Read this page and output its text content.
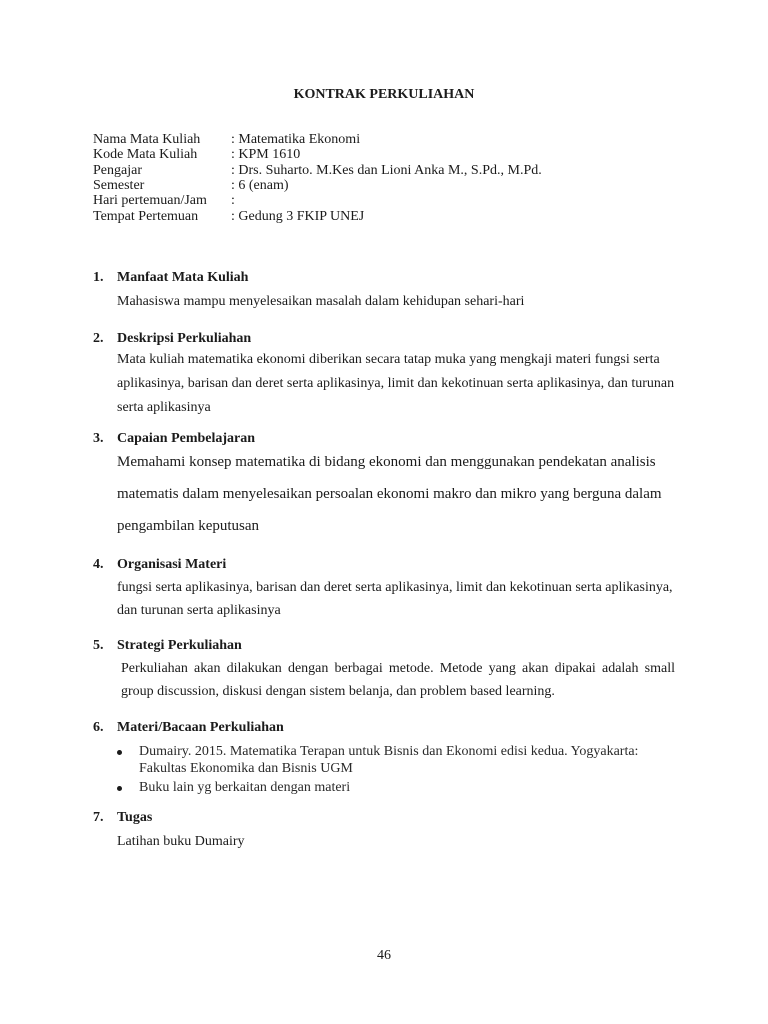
KONTRAK PERKULIAHAN
Nama Mata Kuliah : Matematika Ekonomi
Kode Mata Kuliah : KPM 1610
Pengajar	: Drs. Suharto. M.Kes dan Lioni Anka M., S.Pd., M.Pd.
Semester	: 6 (enam)
Hari pertemuan/Jam :
Tempat Pertemuan : Gedung 3 FKIP UNEJ
1. Manfaat Mata Kuliah
Mahasiswa mampu menyelesaikan masalah dalam kehidupan sehari-hari
2. Deskripsi Perkuliahan
Mata kuliah matematika ekonomi diberikan secara tatap muka yang mengkaji materi fungsi serta
aplikasinya, barisan dan deret serta aplikasinya, limit dan kekotinuan serta aplikasinya, dan turunan
serta aplikasinya
3. Capaian Pembelajaran
Memahami konsep matematika di bidang ekonomi dan menggunakan pendekatan analisis
matematis dalam menyelesaikan persoalan ekonomi makro dan mikro yang berguna dalam
pengambilan keputusan
4. Organisasi Materi
fungsi serta aplikasinya, barisan dan deret serta aplikasinya, limit dan kekotinuan serta aplikasinya,
dan turunan serta aplikasinya
5. Strategi Perkuliahan
Perkuliahan akan dilakukan dengan berbagai metode. Metode yang akan dipakai adalah small
group discussion, diskusi dengan sistem belanja, dan problem based learning.
6. Materi/Bacaan Perkuliahan
Dumairy. 2015. Matematika Terapan untuk Bisnis dan Ekonomi edisi kedua. Yogyakarta:
Fakultas Ekonomika dan Bisnis UGM
Buku lain yg berkaitan dengan materi
7. Tugas
Latihan buku Dumairy
46
